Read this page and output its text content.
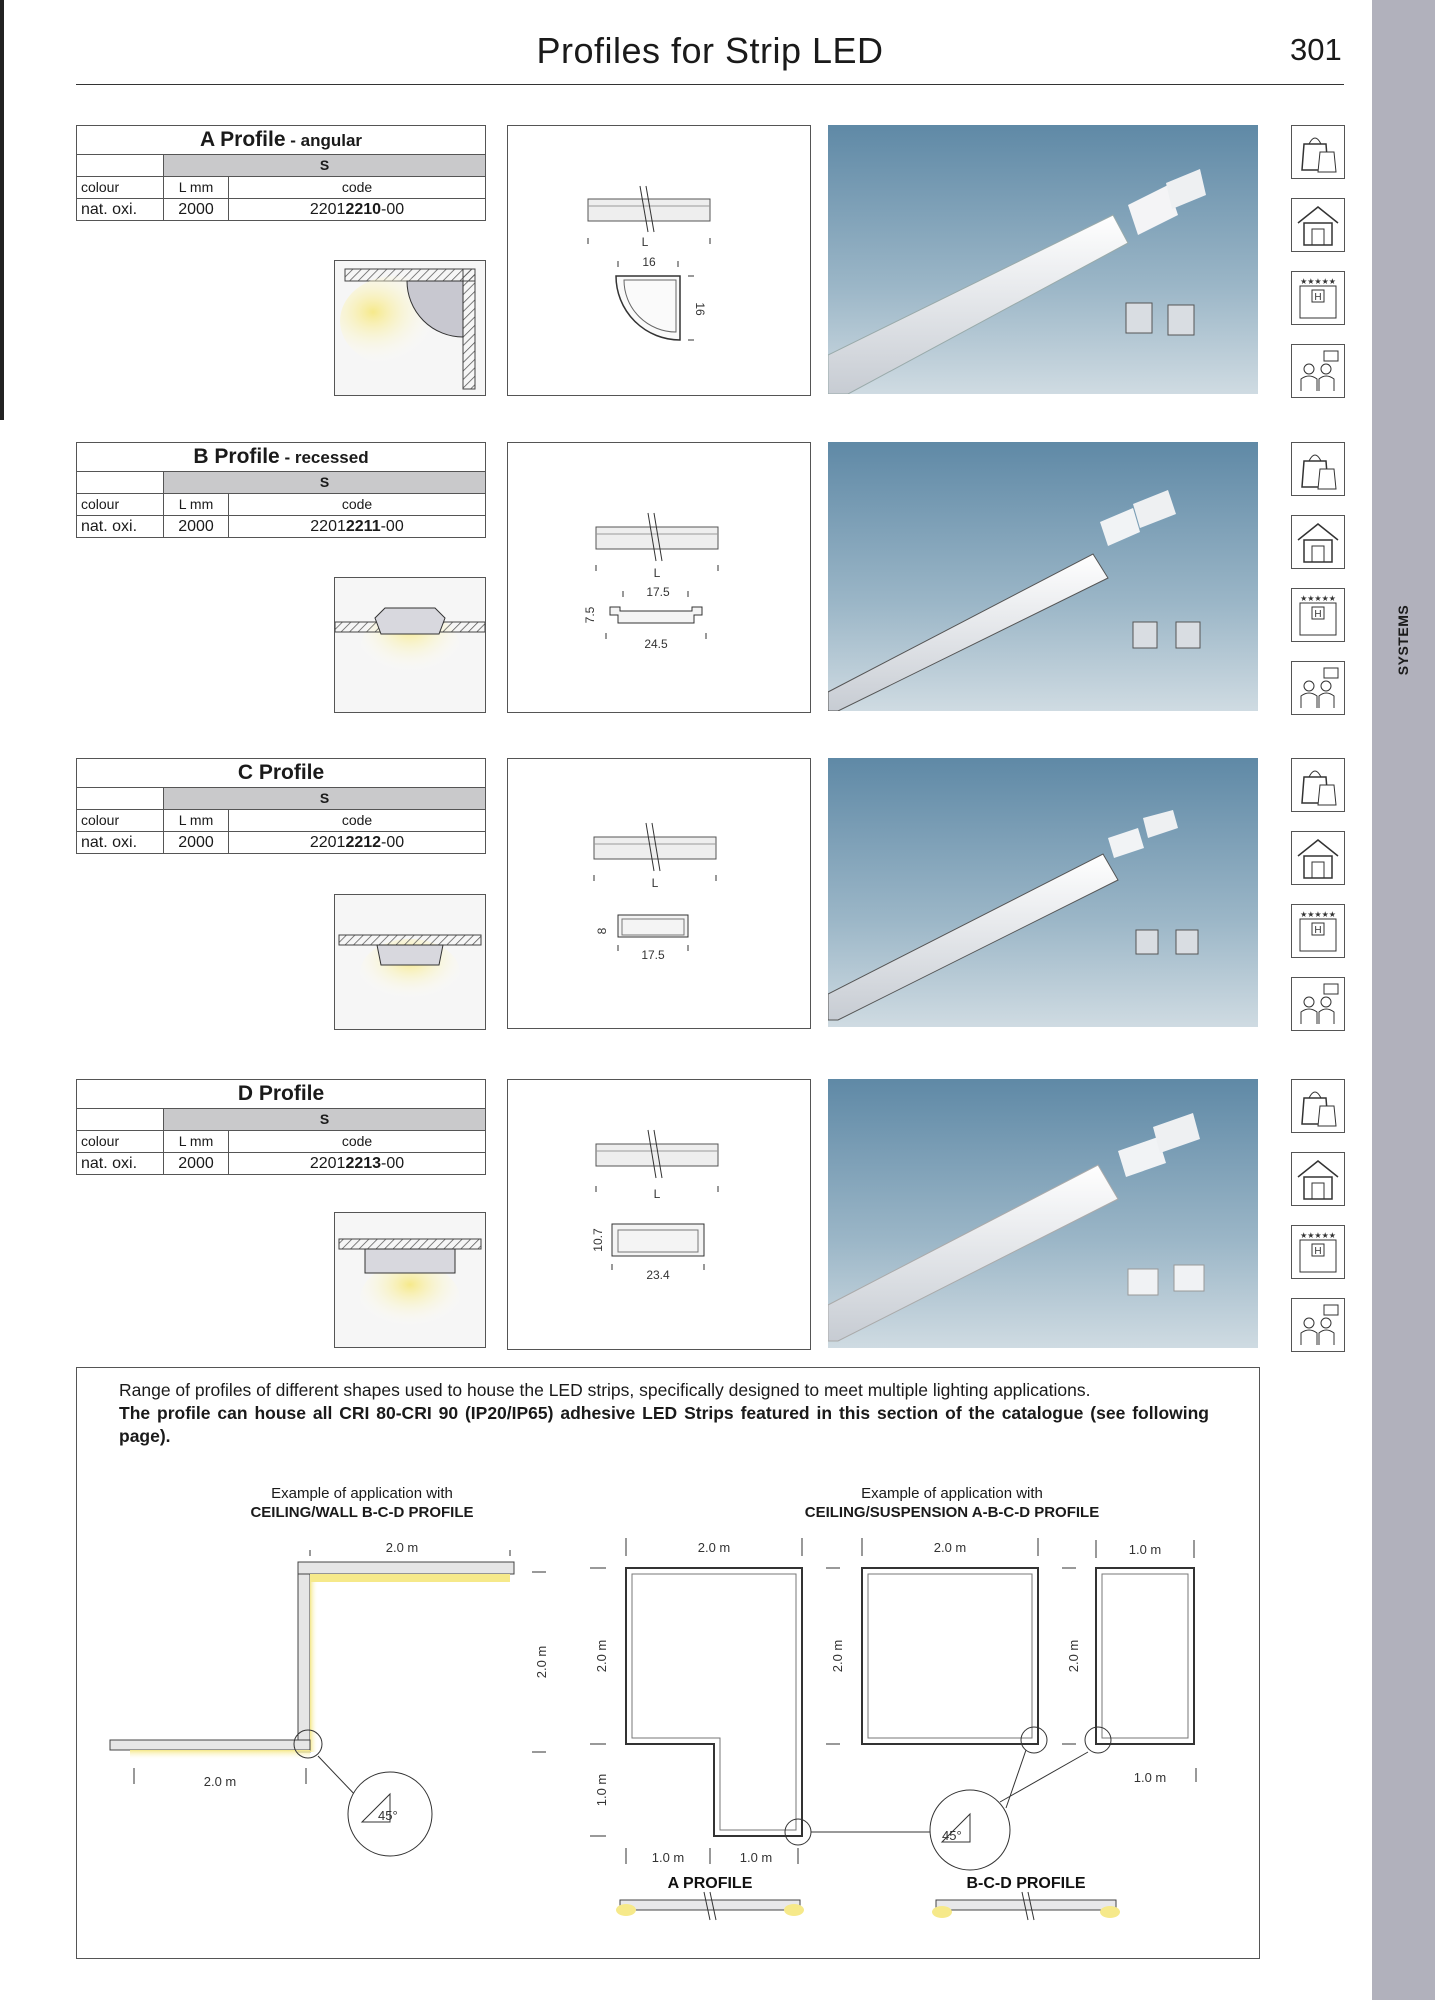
Profiles for Strip LED	301
SYSTEMS
A Profile - angular		
	S	
colour	L mm	code
nat. oxi.	2000	22012210-00
L
16
16
B Profile - recessed		
	S	
colour	L mm	code
nat. oxi.	2000	22012211-00
L
17.5
7.5
24.5
C Profile		
	S	
colour	L mm	code
nat. oxi.	2000	22012212-00
L
8
17.5
D Profile		
	S	
colour	L mm	code
nat. oxi.	2000	22012213-00
L
10.7
23.4
★★★★★
H
★★★★★
H
★★★★★
H
★★★★★
H
Range of profiles of different shapes used to house the LED strips, specifically designed to meet multiple lighting applications.
The profile can house all CRI 80-CRI 90 (IP20/IP65) adhesive LED Strips featured in this section of the catalogue (see following page).
Example of application with
CEILING/WALL B-C-D PROFILE
Example of application with
CEILING/SUSPENSION A-B-C-D PROFILE
2.0 m
2.0 m
2.0 m
45°
2.0 m	2.0 m	1.0 m
2.0 m
1.0 m
2.0 m	2.0 m
1.0 m
1.0 m	1.0 m
45°
A PROFILE	B-C-D PROFILE
